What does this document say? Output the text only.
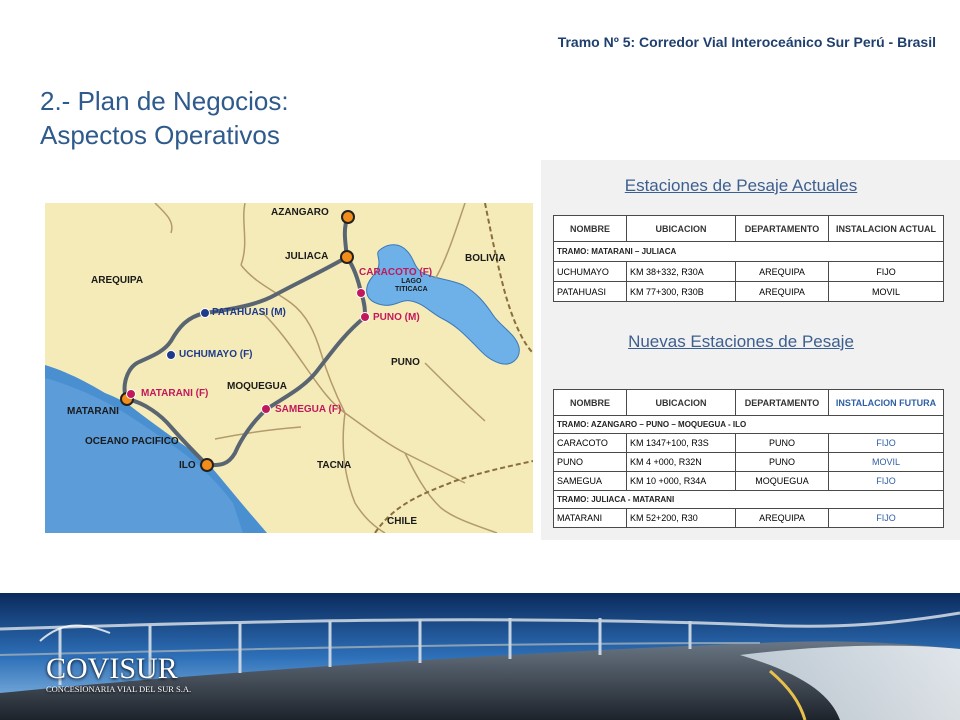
Tramo Nº 5: Corredor Vial Interoceánico Sur Perú - Brasil
2.- Plan de Negocios:
Aspectos Operativos
AZANGARO
JULIACA	BOLIVIA
AREQUIPA
CARACOTO (F)
LAGO
TITICACA
PATAHUASI (M)	PUNO (M)
UCHUMAYO (F)
PUNO
MOQUEGUA
MATARANI (F)
MATARANI	SAMEGUA (F)
OCEANO PACIFICO
ILO	TACNA
CHILE
Estaciones de Pesaje Actuales
NOMBRE	UBICACION	DEPARTAMENTO	INSTALACION ACTUAL
TRAMO: MATARANI – JULIACA			
UCHUMAYO	KM 38+332, R30A	AREQUIPA	FIJO
PATAHUASI	KM 77+300, R30B	AREQUIPA	MOVIL
Nuevas Estaciones de Pesaje
NOMBRE	UBICACION	DEPARTAMENTO	INSTALACION FUTURA
TRAMO: AZANGARO – PUNO – MOQUEGUA - ILO			
CARACOTO	KM 1347+100, R3S	PUNO	FIJO
PUNO	KM 4 +000, R32N	PUNO	MOVIL
SAMEGUA	KM 10 +000, R34A	MOQUEGUA	FIJO
TRAMO: JULIACA - MATARANI			
MATARANI	KM 52+200, R30	AREQUIPA	FIJO
COVISUR
CONCESIONARIA VIAL DEL SUR S.A.
